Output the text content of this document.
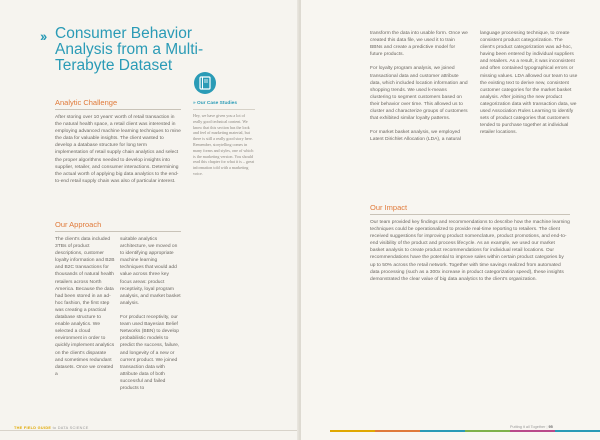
›› Consumer Behavior Analysis from a Multi-Terabyte Dataset
Analytic Challenge

After storing over 10 years' worth of retail transaction in the natural health space, a retail client was interested in employing advanced machine learning techniques to mine the data for valuable insights. The client wanted to develop a database structure for long term implementation of retail supply chain analytics and select the proper algorithms needed to develop insights into supplier, retailer, and consumer interactions. Determining the actual worth of applying big data analytics to the end-to-end retail supply chain was also of particular interest.

Our Approach

The client's data included 3TBs of product descriptions, customer loyalty information and B2B and B2C transactions for thousands of natural health retailers across North America. Because the data had been stored in an ad-hoc fashion, the first step was creating a practical database structure to enable analytics. We selected a cloud environment in order to quickly implement analytics on the client's disparate and sometimes redundant datasets. Once we created a

suitable analytics architecture, we moved on to identifying appropriate machine learning techniques that would add value across three key focus areas: product receptivity, loyal program analysis, and market basket analysis.

For product receptivity, our team used Bayesian Belief Networks (BBN) to develop probabilistic models to predict the success, failure, and longevity of a new or current product. We joined transaction data with attribute data of both successful and failed products to

» Our Case Studies

Hey, we have given you a lot of really good technical content. We know that this section has the look and feel of marketing material, but there is still a really good story here. Remember, storytelling comes in many forms and styles, one of which is the marketing version. You should read this chapter for what it is – great information told with a marketing voice.

THE FIELD GUIDE to DATA SCIENCE

transform the data into usable form. Once we created this data file, we used it to train BBNs and create a predictive model for future products.

For loyalty program analysis, we joined transactional data and customer attribute data, which included location information and shopping trends. We used k-means clustering to segment customers based on their behavior over time. This allowed us to cluster and characterize groups of customers that exhibited similar loyalty patterns.

For market basket analysis, we employed Latent Dirichlet Allocation (LDA), a natural

language processing technique, to create consistent product categorization. The client's product categorization was ad-hoc, having been entered by individual suppliers and retailers. As a result, it was inconsistent and often contained typographical errors or missing values. LDA allowed our team to use the existing text to derive new, consistent customer categories for the market basket analysis. After joining the new product categorization data with transaction data, we used Association Rules Learning to identify sets of product categories that customers tended to purchase together at individual retailer locations.

Our Impact

Our team provided key findings and recommendations to describe how the machine learning techniques could be operationalized to provide real-time reporting to retailers. The client received suggestions for improving product nomenclature, product promotions, and end-to-end visibility of the product and process lifecycle. As an example, we used our market basket analysis to create product recommendations for individual retail locations. Our recommendations have the potential to improve sales within certain product categories by up to 50% across the retail network. Together with time savings realized from automated data processing (such as a 300x increase in product categorization speed), these insights demonstrated the clear value of big data analytics to the client's organization.

Putting it all Together | 95
